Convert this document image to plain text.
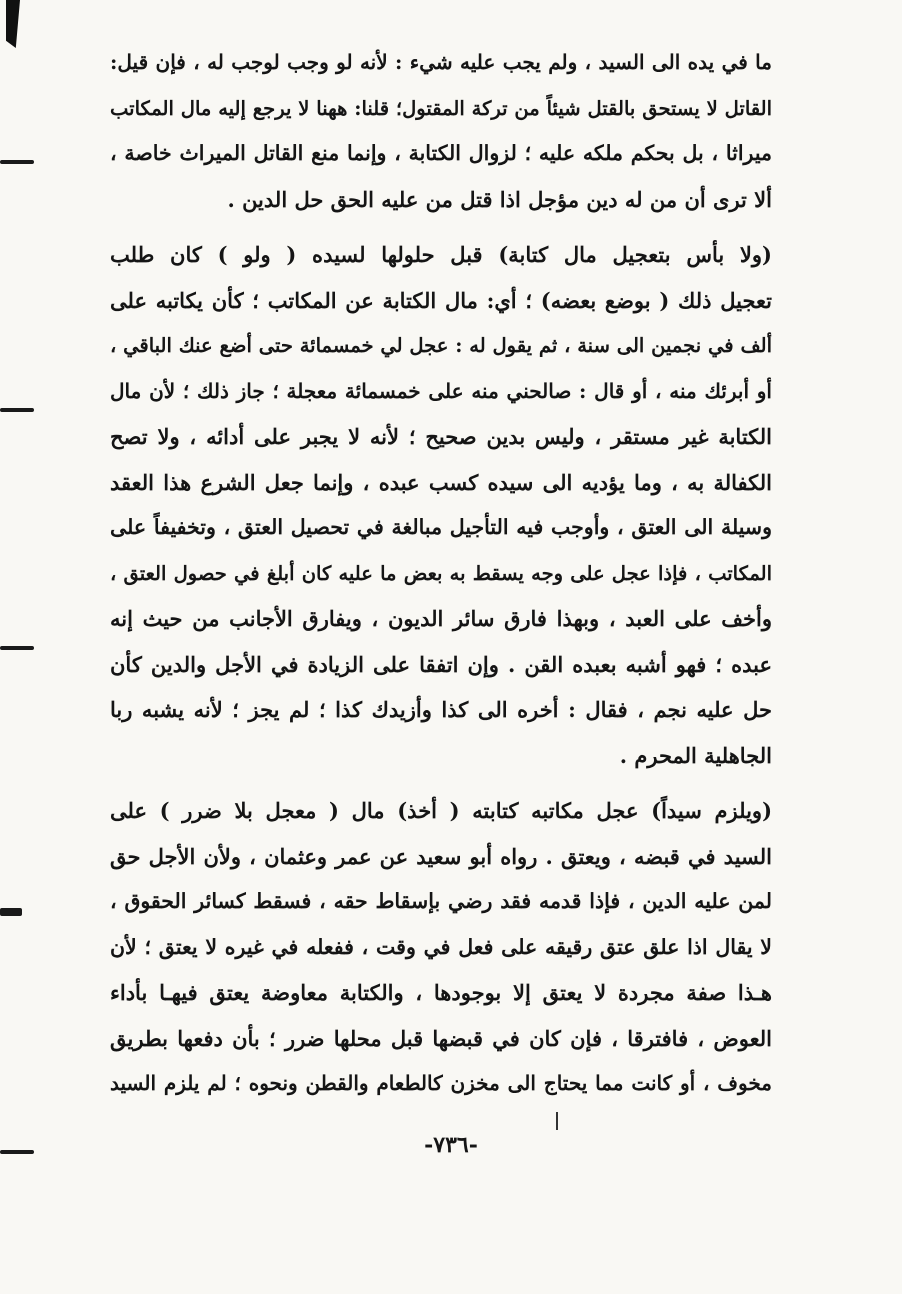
ما في يده الى السيد ، ولم يجب عليه شيء : لأنه لو وجب لوجب له ، فإن قيل:
القاتل لا يستحق بالقتل شيئاً من تركة المقتول؛ قلنا: ههنا لا يرجع إليه مال المكاتب
ميراثا ، بل بحكم ملكه عليه ؛ لزوال الكتابة ، وإنما منع القاتل الميراث خاصة ،
ألا ترى أن من له دين مؤجل اذا قتل من عليه الحق حل الدين .
(ولا بأس بتعجيل مال كتابة) قبل حلولها لسيده ( ولو ) كان طلب
تعجيل ذلك ( بوضع بعضه) ؛ أي: مال الكتابة عن المكاتب ؛ كأن يكاتبه على
ألف في نجمين الى سنة ، ثم يقول له : عجل لي خمسمائة حتى أضع عنك الباقي ،
أو أبرئك منه ، أو قال : صالحني منه على خمسمائة معجلة ؛ جاز ذلك ؛ لأن مال
الكتابة غير مستقر ، وليس بدين صحيح ؛ لأنه لا يجبر على أدائه ، ولا تصح
الكفالة به ، وما يؤديه الى سيده كسب عبده ، وإنما جعل الشرع هذا العقد
وسيلة الى العتق ، وأوجب فيه التأجيل مبالغة في تحصيل العتق ، وتخفيفاً على
المكاتب ، فإذا عجل على وجه يسقط به بعض ما عليه كان أبلغ في حصول العتق ،
وأخف على العبد ، وبهذا فارق سائر الديون ، ويفارق الأجانب من حيث إنه
عبده ؛ فهو أشبه بعبده القن . وإن اتفقا على الزيادة في الأجل والدين كأن
حل عليه نجم ، فقال : أخره الى كذا وأزيدك كذا ؛ لم يجز ؛ لأنه يشبه ربا
الجاهلية المحرم .
(ويلزم سيداً) عجل مكاتبه كتابته ( أخذ) مال ( معجل بلا ضرر ) على
السيد في قبضه ، ويعتق . رواه أبو سعيد عن عمر وعثمان ، ولأن الأجل حق
لمن عليه الدين ، فإذا قدمه فقد رضي بإسقاط حقه ، فسقط كسائر الحقوق ،
لا يقال اذا علق عتق رقيقه على فعل في وقت ، ففعله في غيره لا يعتق ؛ لأن
هـذا صفة مجردة لا يعتق إلا بوجودها ، والكتابة معاوضة يعتق فيهـا بأداء
العوض ، فافترقا ، فإن كان في قبضها قبل محلها ضرر ؛ بأن دفعها بطريق
مخوف ، أو كانت مما يحتاج الى مخزن كالطعام والقطن ونحوه ؛ لم يلزم السيد
-٧٣٦-
